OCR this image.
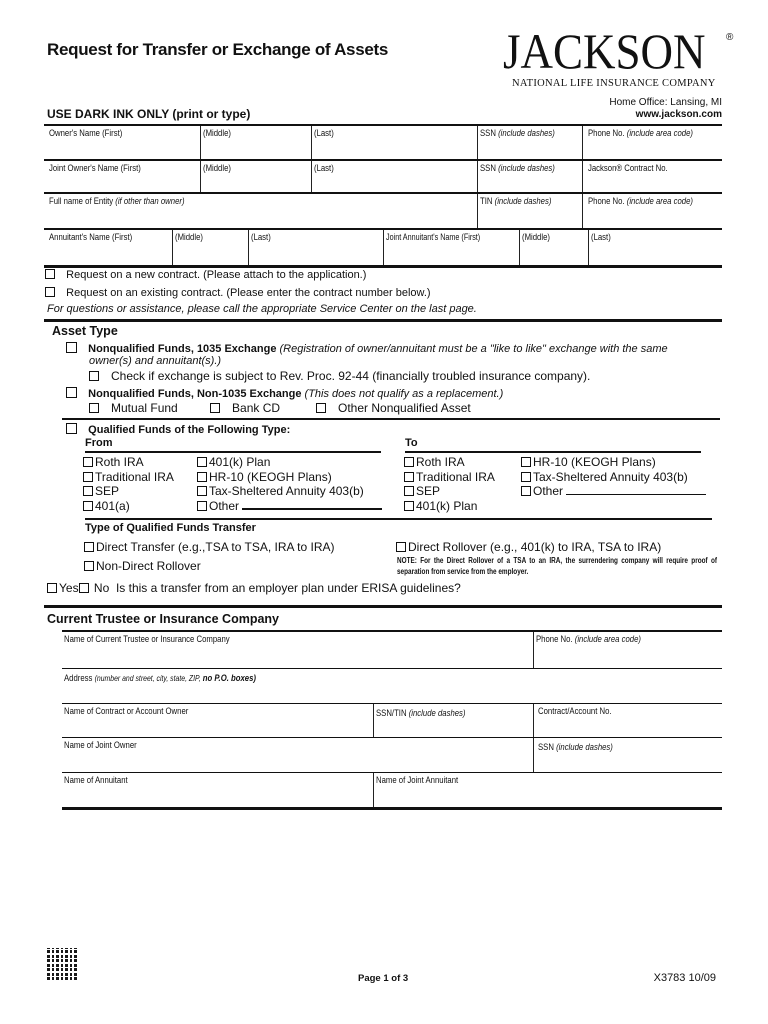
Request for Transfer or Exchange of Assets JACKSON ®
NATIONAL LIFE INSURANCE COMPANY
Home Office: Lansing, MI
www.jackson.com
USE DARK INK ONLY (print or type)
Owner's Name (First)	(Middle)	(Last)	SSN (include dashes)	Phone No. (include area code)
Joint Owner's Name (First)	(Middle)	(Last)	SSN (include dashes)	Jackson® Contract No.
Full name of Entity (if other than owner)	TIN (include dashes)	Phone No. (include area code)
Annuitant's Name (First)	(Middle)	(Last)	Joint Annuitant's Name (First)	(Middle)	(Last)
Request on a new contract. (Please attach to the application.)
Request on an existing contract. (Please enter the contract number below.)
For questions or assistance, please call the appropriate Service Center on the last page.
Asset Type
Nonqualified Funds, 1035 Exchange (Registration of owner/annuitant must be a "like to like" exchange with the same
owner(s) and annuitant(s).)
Check if exchange is subject to Rev. Proc. 92-44 (financially troubled insurance company).
Nonqualified Funds, Non-1035 Exchange (This does not qualify as a replacement.)
Mutual Fund	Bank CD	Other Nonqualified Asset
Qualified Funds of the Following Type:
From	To
Roth IRA
Traditional IRA
SEP
401(a)
401(k) Plan
HR-10 (KEOGH Plans)
Tax-Sheltered Annuity 403(b)
Other
Roth IRA
Traditional IRA
SEP
401(k) Plan
HR-10 (KEOGH Plans)
Tax-Sheltered Annuity 403(b)
Other
Type of Qualified Funds Transfer
Direct Transfer (e.g.,TSA to TSA, IRA to IRA)
Non-Direct Rollover
Direct Rollover (e.g., 401(k) to IRA, TSA to IRA)
NOTE: For the Direct Rollover of a TSA to an IRA, the surrendering company will require proof of separation from service from the employer.
Yes No Is this a transfer from an employer plan under ERISA guidelines?
Current Trustee or Insurance Company
Name of Current Trustee or Insurance Company	Phone No. (include area code)
Address (number and street, city, state, ZIP, no P.O. boxes)
Name of Contract or Account Owner	SSN/TIN (include dashes)	Contract/Account No.
Name of Joint Owner	SSN (include dashes)
Name of Annuitant	Name of Joint Annuitant
Page 1 of 3	X3783 10/09
